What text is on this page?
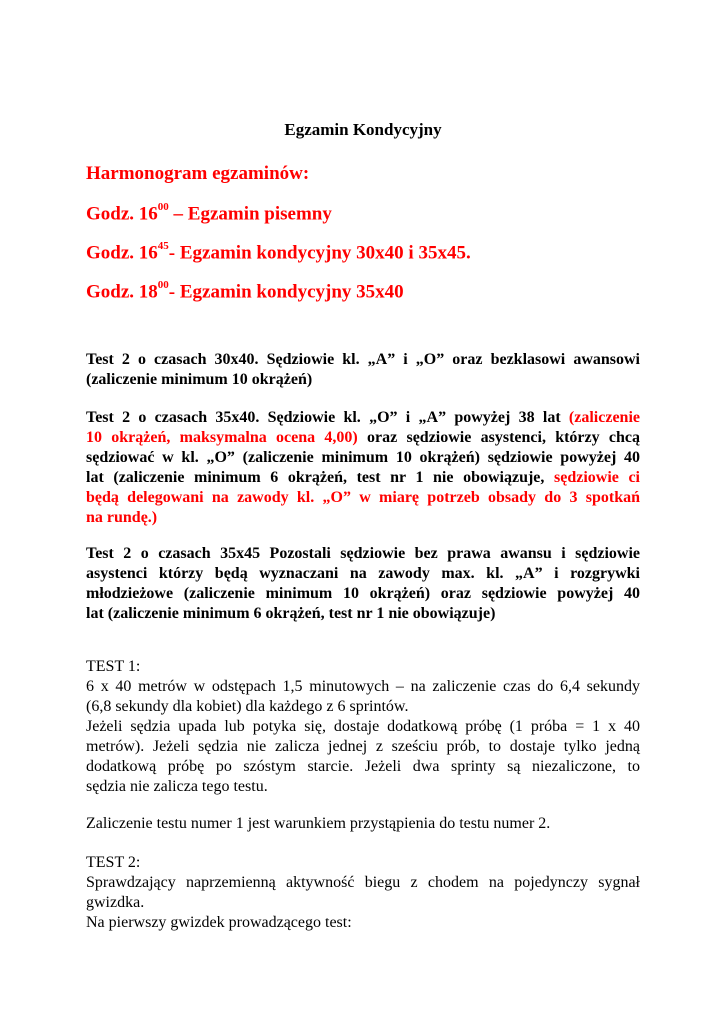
Egzamin Kondycyjny
Harmonogram egzaminów:
Godz. $16^{00}$ – Egzamin pisemny
Godz. $16^{45}-$ Egzamin kondycyjny 30x40 i 35x45.
Godz. $18^{00}-$ Egzamin kondycyjny 35x40
Test 2 o czasach 30x40. Sędziowie kl. „A” i „O” oraz bezklasowi awansowi
(zaliczenie minimum 10 okrążeń)
Test 2 o czasach 35x40. Sędziowie kl. „O” i „A” powyżej 38 lat (zaliczenie
10 okrążeń, maksymalna ocena 4,00) oraz sędziowie asystenci, którzy chcą
sędziować w kl. „O” (zaliczenie minimum 10 okrążeń) sędziowie powyżej 40
lat (zaliczenie minimum 6 okrążeń, test nr 1 nie obowiązuje, sędziowie ci
będą delegowani na zawody kl. „O” w miarę potrzeb obsady do 3 spotkań
na rundę.)
Test 2 o czasach 35x45 Pozostali sędziowie bez prawa awansu i sędziowie
asystenci którzy będą wyznaczani na zawody max. kl. „A” i rozgrywki
młodzieżowe (zaliczenie minimum 10 okrążeń) oraz sędziowie powyżej 40
lat (zaliczenie minimum 6 okrążeń, test nr 1 nie obowiązuje)
TEST 1:
6 x 40 metrów w odstępach 1,5 minutowych – na zaliczenie czas do 6,4 sekundy
(6,8 sekundy dla kobiet) dla każdego z 6 sprintów.
Jeżeli sędzia upada lub potyka się, dostaje dodatkową próbę (1 próba = 1 x 40
metrów). Jeżeli sędzia nie zalicza jednej z sześciu prób, to dostaje tylko jedną
dodatkową próbę po szóstym starcie. Jeżeli dwa sprinty są niezaliczone, to
sędzia nie zalicza tego testu.
Zaliczenie testu numer 1 jest warunkiem przystąpienia do testu numer 2.
TEST 2:
Sprawdzający naprzemienną aktywność biegu z chodem na pojedynczy sygnał
gwizdka.
Na pierwszy gwizdek prowadzącego test:
